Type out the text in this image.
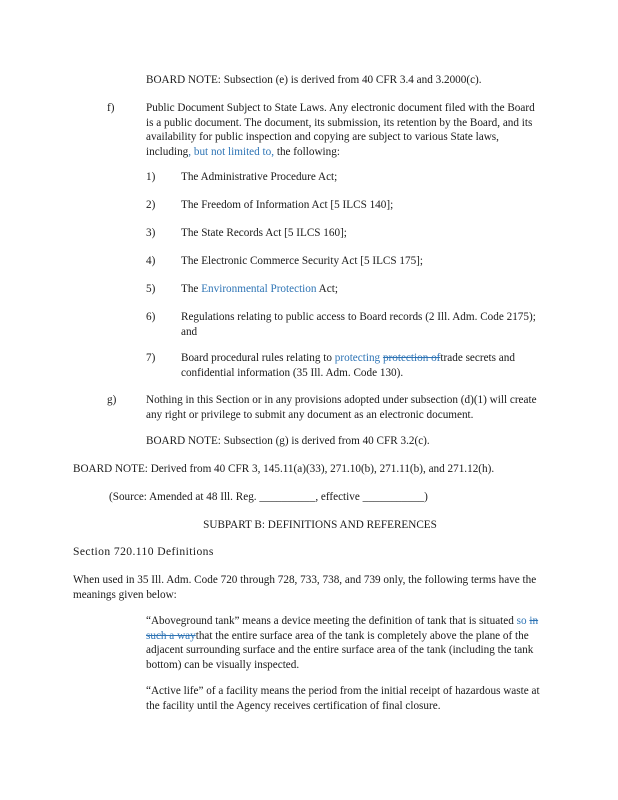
BOARD NOTE: Subsection (e) is derived from 40 CFR 3.4 and 3.2000(c).
f)	Public Document Subject to State Laws. Any electronic document filed with the Board is a public document. The document, its submission, its retention by the Board, and its availability for public inspection and copying are subject to various State laws, including, but not limited to, the following:
1) The Administrative Procedure Act;
2) The Freedom of Information Act [5 ILCS 140];
3) The State Records Act [5 ILCS 160];
4) The Electronic Commerce Security Act [5 ILCS 175];
5) The Environmental Protection Act;
6) Regulations relating to public access to Board records (2 Ill. Adm. Code 2175); and
7) Board procedural rules relating to protecting protection oftrade secrets and confidential information (35 Ill. Adm. Code 130).
g)	Nothing in this Section or in any provisions adopted under subsection (d)(1) will create any right or privilege to submit any document as an electronic document.
BOARD NOTE: Subsection (g) is derived from 40 CFR 3.2(c).
BOARD NOTE: Derived from 40 CFR 3, 145.11(a)(33), 271.10(b), 271.11(b), and 271.12(h).
(Source: Amended at 48 Ill. Reg. __________, effective ___________)
SUBPART B: DEFINITIONS AND REFERENCES
Section 720.110 Definitions
When used in 35 Ill. Adm. Code 720 through 728, 733, 738, and 739 only, the following terms have the meanings given below:
“Aboveground tank” means a device meeting the definition of tank that is situated so in such a waythat the entire surface area of the tank is completely above the plane of the adjacent surrounding surface and the entire surface area of the tank (including the tank bottom) can be visually inspected.
“Active life” of a facility means the period from the initial receipt of hazardous waste at the facility until the Agency receives certification of final closure.
